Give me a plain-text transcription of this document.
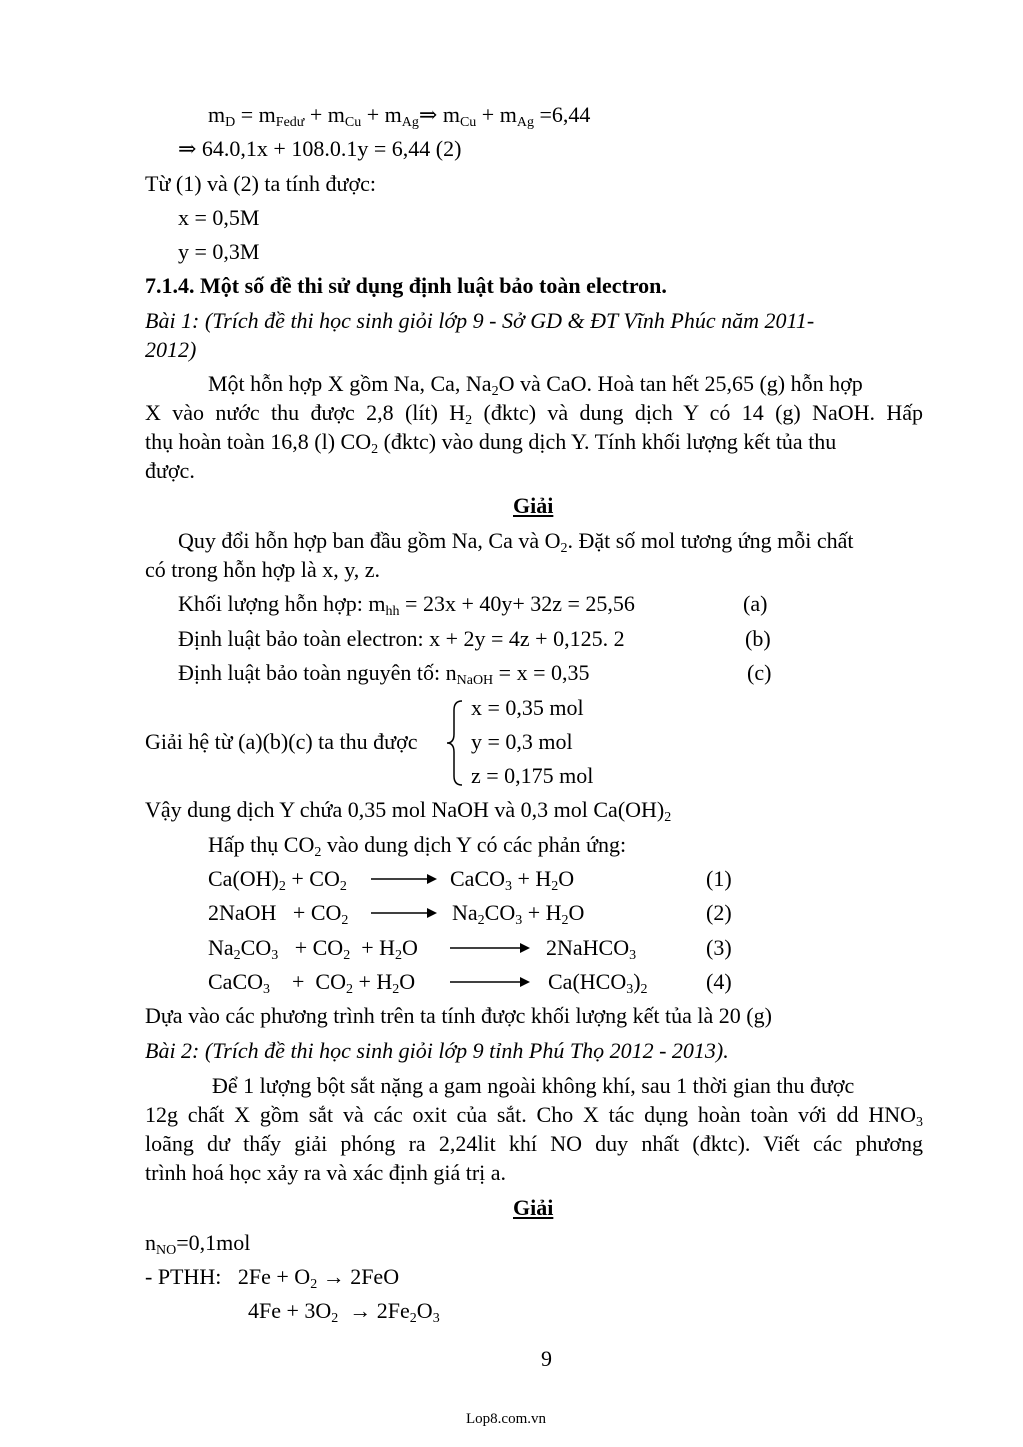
$m_D = m_{Fedư} + m_{Cu}$ + $m_{Ag}\Rightarrow$ $m_{Cu} + m_{Ag} =6,44$
⇒ 64.0,1x + 108.0.1y = 6,44 (2)
Từ (1) và (2) ta tính được:
x = 0,5M
y = 0,3M
7.1.4. Một số đề thi sử dụng định luật bảo toàn electron.
Bài 1: (Trích đề thi học sinh giỏi lớp 9 - Sở GD & ĐT Vĩnh Phúc năm 2011-
2012)
Một hỗn hợp X gồm Na, Ca, $Na_2O$ và CaO. Hoà tan hết 25,65 (g) hỗn hợp
X vào nước thu được 2,8 (lít) $H_2$ (đktc) và dung dịch Y có 14 (g) NaOH. Hấp
thụ hoàn toàn 16,8 (l) $CO_2$ (đktc) vào dung dịch Y. Tính khối lượng kết tủa thu
được.
Giải
Quy đổi hỗn hợp ban đầu gồm Na, Ca và $O_2$. Đặt số mol tương ứng mỗi chất
có trong hỗn hợp là x, y, z.
Khối lượng hỗn hợp: $m_{hh} = 23x + 40y+ 32z = 25,56$	(a)
Định luật bảo toàn electron: x + 2y = 4z + 0,125. 2	(b)
Định luật bảo toàn nguyên tố: $n_{NaOH} = x = 0,35$	(c)
Giải hệ từ (a)(b)(c) ta thu được
x = 0,35 mol
y = 0,3 mol
z = 0,175 mol
Vậy dung dịch Y chứa 0,35 mol NaOH và 0,3 mol $Ca(OH)_2$
Hấp thụ $CO_2$ vào dung dịch Y có các phản ứng:
$Ca(OH)_2 + CO_2$ → CaCO$_3$ + $H_2O$	(1)
2NaOH   + $CO_2 \to Na_2CO_3 + H_2O$	(2)
$Na_2CO_3 + CO_2 + H_2O$ → 2NaHCO$_3$	(3)
CaCO$_3$    +  $CO_2 + H_2O \to Ca(HCO_3)_2$	(4)
Dựa vào các phương trình trên ta tính được khối lượng kết tủa là 20 (g)
Bài 2: (Trích đề thi học sinh giỏi lớp 9 tỉnh Phú Thọ 2012 - 2013).
Để 1 lượng bột sắt nặng a gam ngoài không khí, sau 1 thời gian thu được
12g chất X gồm sắt và các oxit của sắt. Cho X tác dụng hoàn toàn với dd $HNO_3$
loãng dư thấy giải phóng ra 2,24lit khí NO duy nhất (đktc). Viết các phương
trình hoá học xảy ra và xác định giá trị a.
Giải
$n_{NO}=0,1mol$
- PTHH:   $2Fe + O_2 \to 2FeO$
$4Fe + 3O_2 \to 2Fe_2O_3$
9
Lop8.com.vn
